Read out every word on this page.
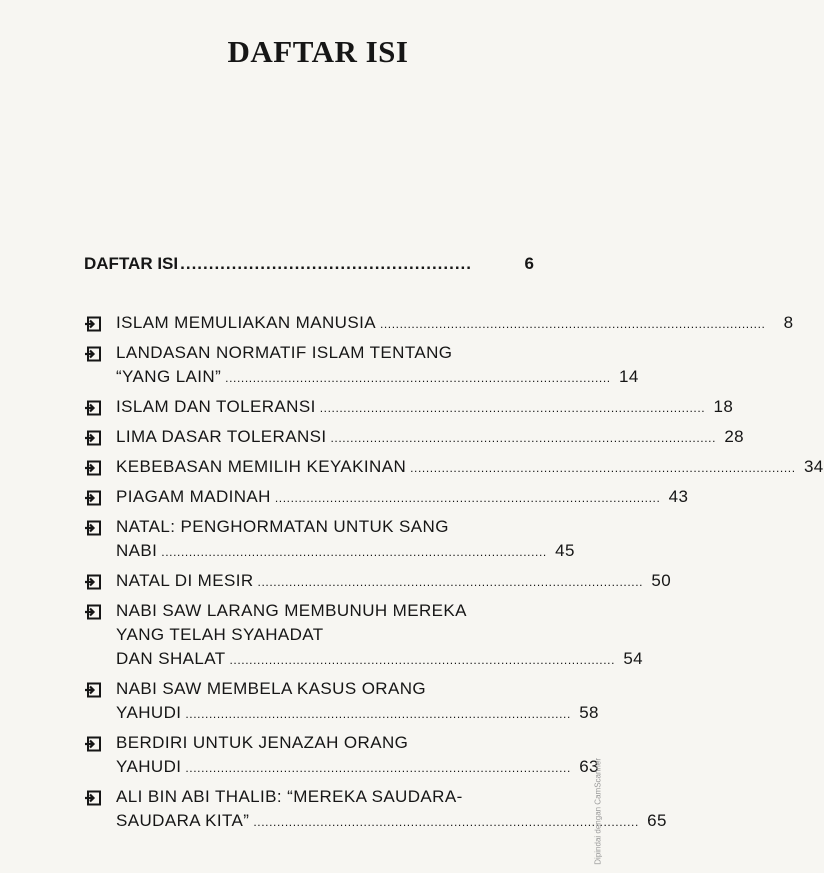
DAFTAR ISI
DAFTAR ISI ...................................................	6
ISLAM MEMULIAKAN MANUSIA ..................................................................................................	8
LANDASAN NORMATIF ISLAM TENTANG
“YANG LAIN” .................................................................................................. 14
ISLAM DAN TOLERANSI .................................................................................................. 18
LIMA DASAR TOLERANSI .................................................................................................. 28
KEBEBASAN MEMILIH KEYAKINAN .................................................................................................. 34
PIAGAM MADINAH .................................................................................................. 43
NATAL: PENGHORMATAN UNTUK SANG
NABI .................................................................................................. 45
NATAL DI MESIR .................................................................................................. 50
NABI SAW LARANG MEMBUNUH MEREKA
YANG TELAH SYAHADAT
DAN SHALAT .................................................................................................. 54
NABI SAW MEMBELA KASUS ORANG
YAHUDI .................................................................................................. 58
BERDIRI UNTUK JENAZAH ORANG
YAHUDI .................................................................................................. 63
ALI BIN ABI THALIB: “MEREKA SAUDARA-
SAUDARA KITA” .................................................................................................. 65
Dipindai dengan CamScanner
